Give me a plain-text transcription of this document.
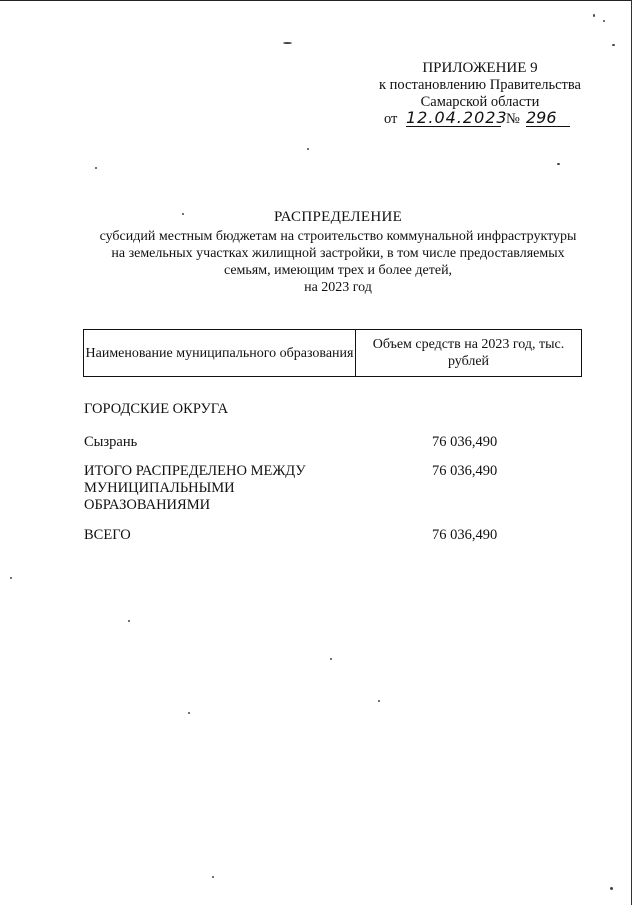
ПРИЛОЖЕНИЕ 9
к постановлению Правительства
Самарской области
от 12.04.2023
№ 296
РАСПРЕДЕЛЕНИЕ
субсидий местным бюджетам на строительство коммунальной инфраструктуры
на земельных участках жилищной застройки, в том числе предоставляемых
семьям, имеющим трех и более детей,
на 2023 год
Наименование муниципального образования
Объем средств на 2023 год, тыс. рублей
ГОРОДСКИЕ ОКРУГА
Сызрань	76 036,490
ИТОГО РАСПРЕДЕЛЕНО МЕЖДУ МУНИЦИПАЛЬНЫМИ ОБРАЗОВАНИЯМИ
76 036,490
ВСЕГО	76 036,490
